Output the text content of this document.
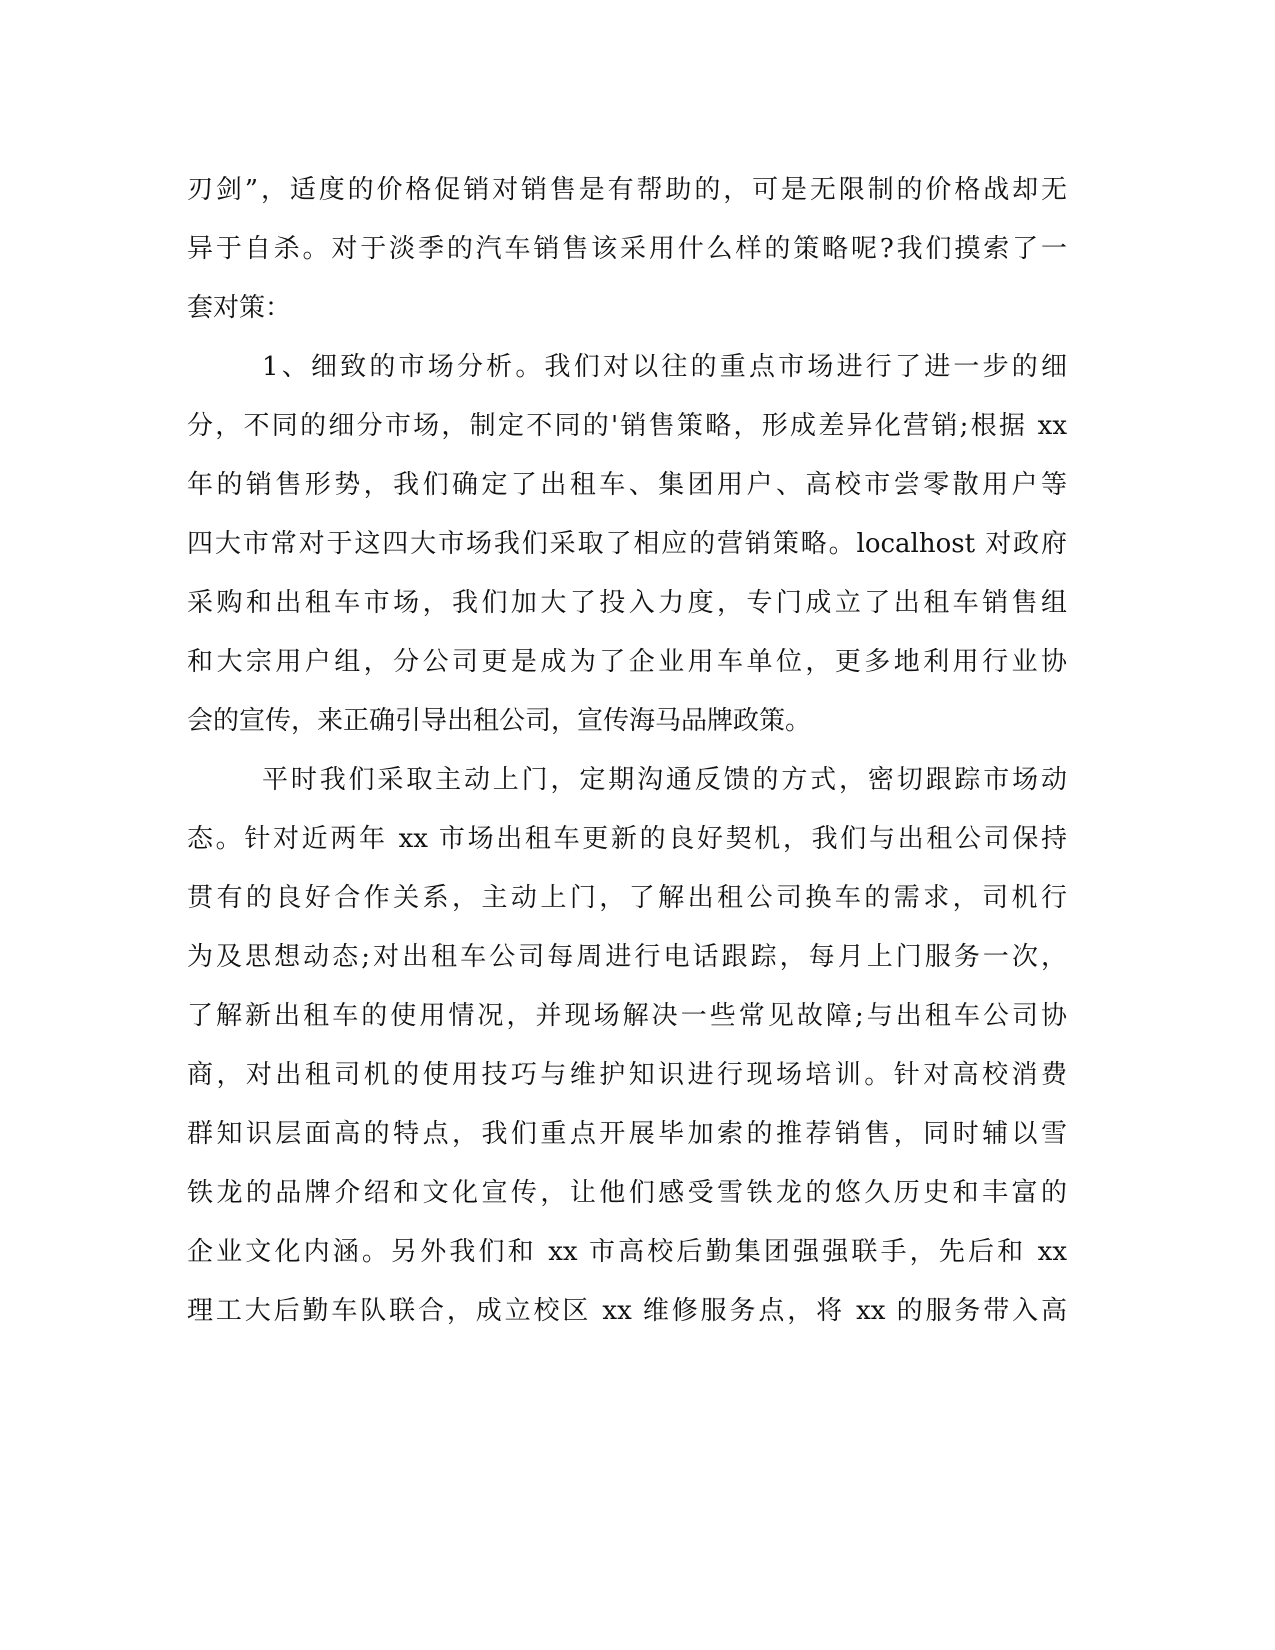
刃剑”，适度的价格促销对销售是有帮助的，可是无限制的价格战却无
异于自杀。对于淡季的汽车销售该采用什么样的策略呢?我们摸索了一
套对策：
1、细致的市场分析。我们对以往的重点市场进行了进一步的细
分，不同的细分市场，制定不同的'销售策略，形成差异化营销;根据 xx
年的销售形势，我们确定了出租车、集团用户、高校市尝零散用户等
四大市常对于这四大市场我们采取了相应的营销策略。localhost 对政府
采购和出租车市场，我们加大了投入力度，专门成立了出租车销售组
和大宗用户组，分公司更是成为了企业用车单位，更多地利用行业协
会的宣传，来正确引导出租公司，宣传海马品牌政策。
平时我们采取主动上门，定期沟通反馈的方式，密切跟踪市场动
态。针对近两年 xx 市场出租车更新的良好契机，我们与出租公司保持
贯有的良好合作关系，主动上门，了解出租公司换车的需求，司机行
为及思想动态;对出租车公司每周进行电话跟踪，每月上门服务一次，
了解新出租车的使用情况，并现场解决一些常见故障;与出租车公司协
商，对出租司机的使用技巧与维护知识进行现场培训。针对高校消费
群知识层面高的特点，我们重点开展毕加索的推荐销售，同时辅以雪
铁龙的品牌介绍和文化宣传，让他们感受雪铁龙的悠久历史和丰富的
企业文化内涵。另外我们和 xx 市高校后勤集团强强联手，先后和 xx
理工大后勤车队联合，成立校区 xx 维修服务点，将 xx 的服务带入高
